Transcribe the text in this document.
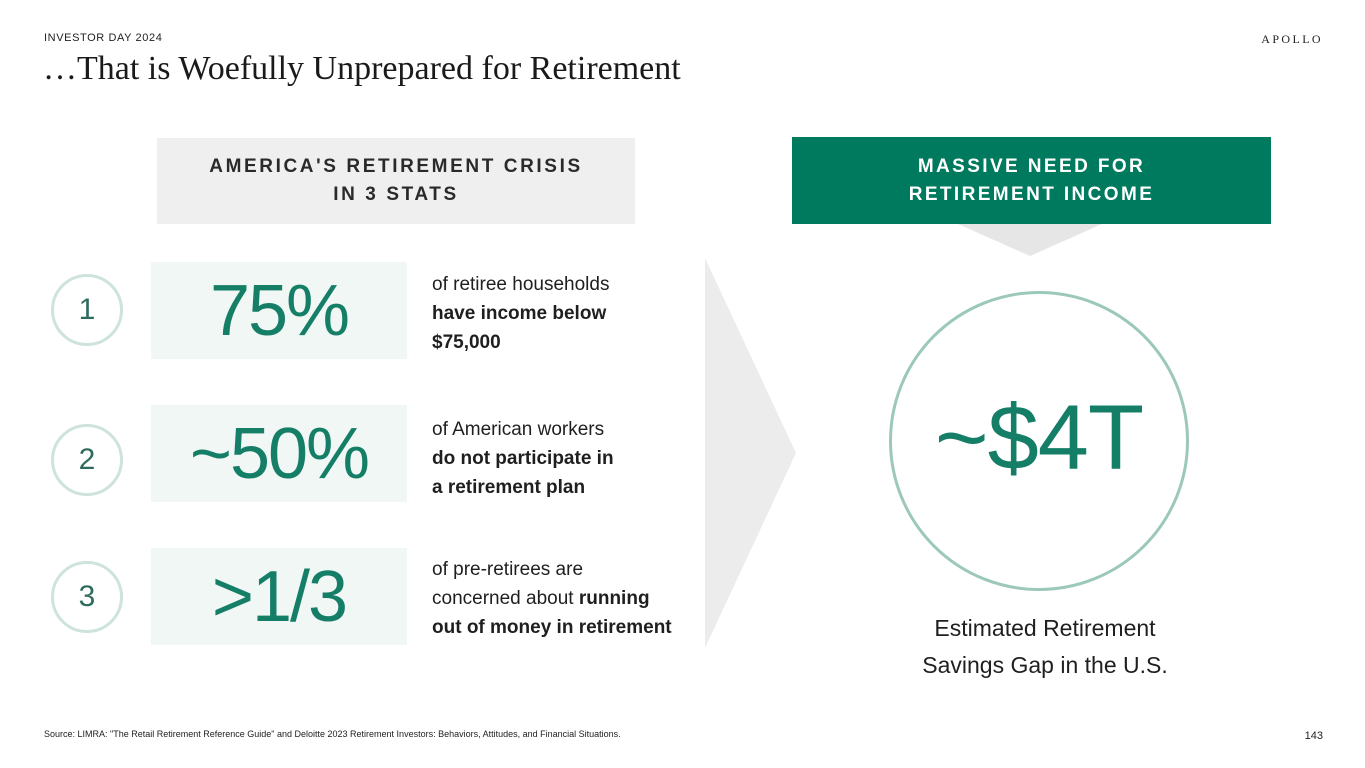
INVESTOR DAY 2024	APOLLO
…That is Woefully Unprepared for Retirement
AMERICA'S RETIREMENT CRISIS
IN 3 STATS
MASSIVE NEED FOR
RETIREMENT INCOME
1 75%	of retiree households
have income below
$75,000
2 ~50%	of American workers
do not participate in
a retirement plan
3 >1/3	of pre-retirees are
concerned about running
out of money in retirement
~$4T
Estimated Retirement
Savings Gap in the U.S.
Source: LIMRA: "The Retail Retirement Reference Guide" and Deloitte 2023 Retirement Investors: Behaviors, Attitudes, and Financial Situations.	143
